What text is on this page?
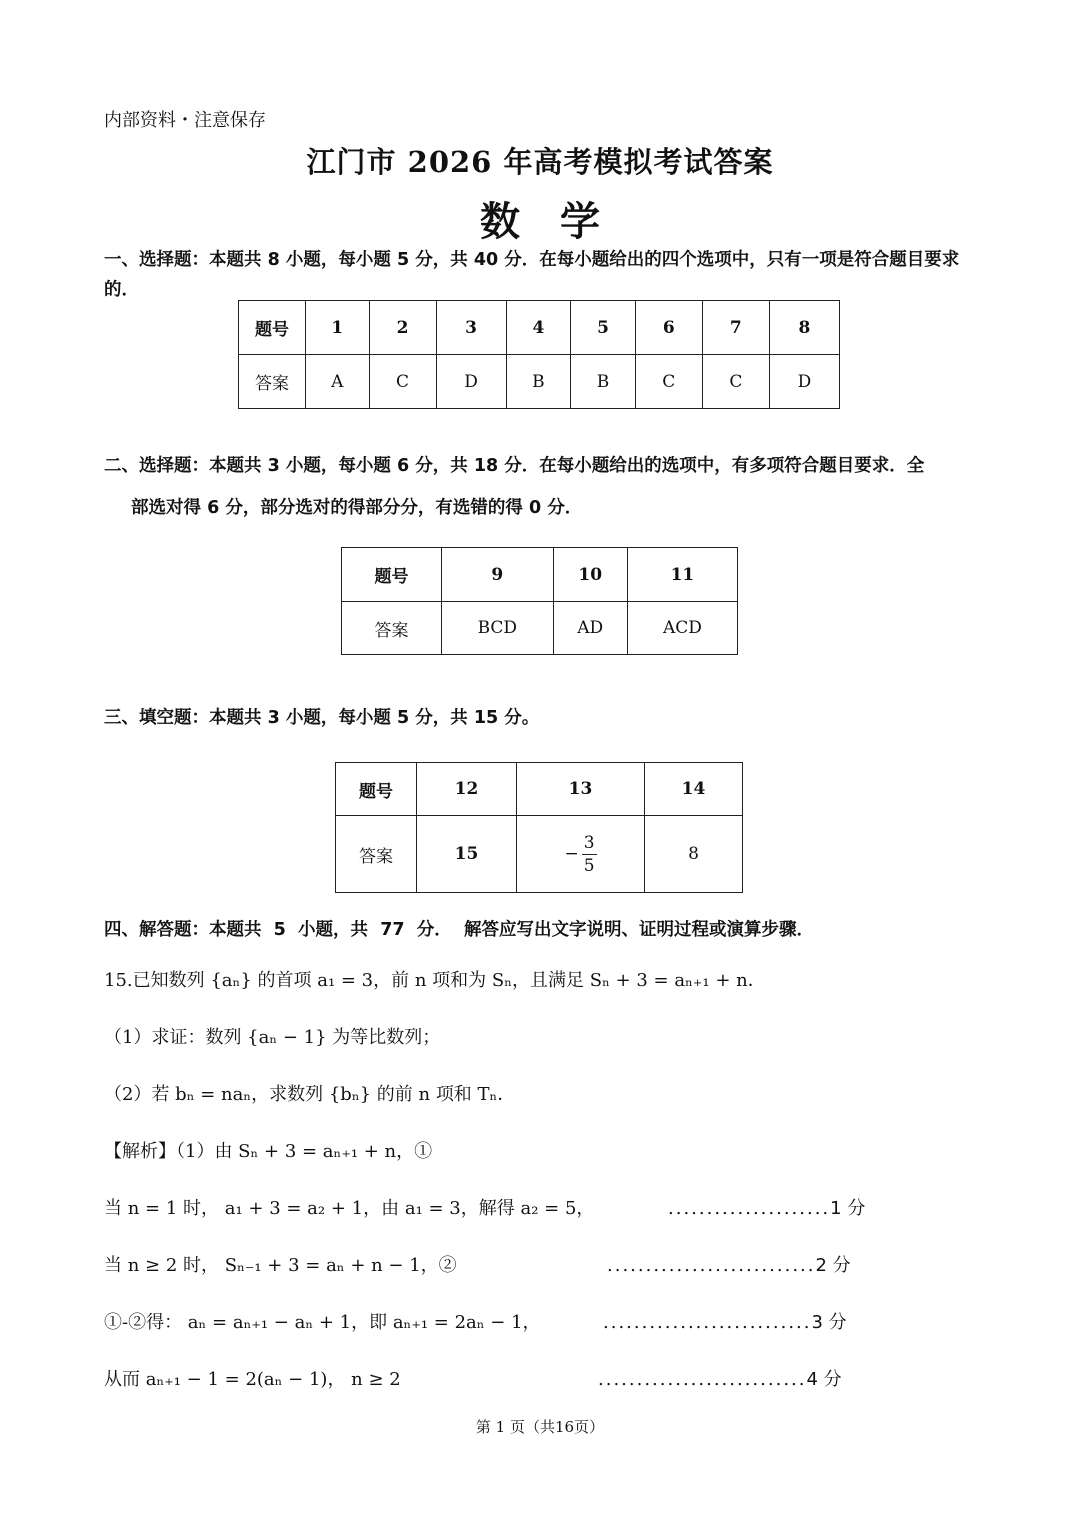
内部资料・注意保存
江门市 2026 年高考模拟考试答案
数学
一、选择题：本题共 8 小题，每小题 5 分，共 40 分．在每小题给出的四个选项中，只有一项是符合题目要求的．
题号	1	2	3	4	5	6	7	8
答案	A	C	D	B	B	C	C	D
二、选择题：本题共 3 小题，每小题 6 分，共 18 分．在每小题给出的选项中，有多项符合题目要求．全
部选对得 6 分，部分选对的得部分分，有选错的得 0 分．
题号	9	10	11
答案	BCD	AD	ACD
三、填空题：本题共 3 小题，每小题 5 分，共 15 分。
题号	12	13	14
答案	15	− $\frac{3}{5}$	8
四、解答题：本题共  5  小题，共  77  分．  解答应写出文字说明、证明过程或演算步骤．
15.已知数列 {aₙ} 的首项 a₁ = 3，前 n 项和为 Sₙ，且满足 Sₙ + 3 = aₙ₊₁ + n．
（1）求证：数列 {aₙ − 1} 为等比数列；
（2）若 bₙ = naₙ，求数列 {bₙ} 的前 n 项和 Tₙ．
【解析】（1）由 Sₙ + 3 = aₙ₊₁ + n，①
当 n = 1 时， a₁ + 3 = a₂ + 1，由 a₁ = 3，解得 a₂ = 5，	.....................1 分
当 n ≥ 2 时， Sₙ₋₁ + 3 = aₙ + n − 1，②	...........................2 分
①-②得： aₙ = aₙ₊₁ − aₙ + 1，即 aₙ₊₁ = 2aₙ − 1，	...........................3 分
从而 aₙ₊₁ − 1 = 2(aₙ − 1)， n ≥ 2	...........................4 分
第 1 页（共16页）
